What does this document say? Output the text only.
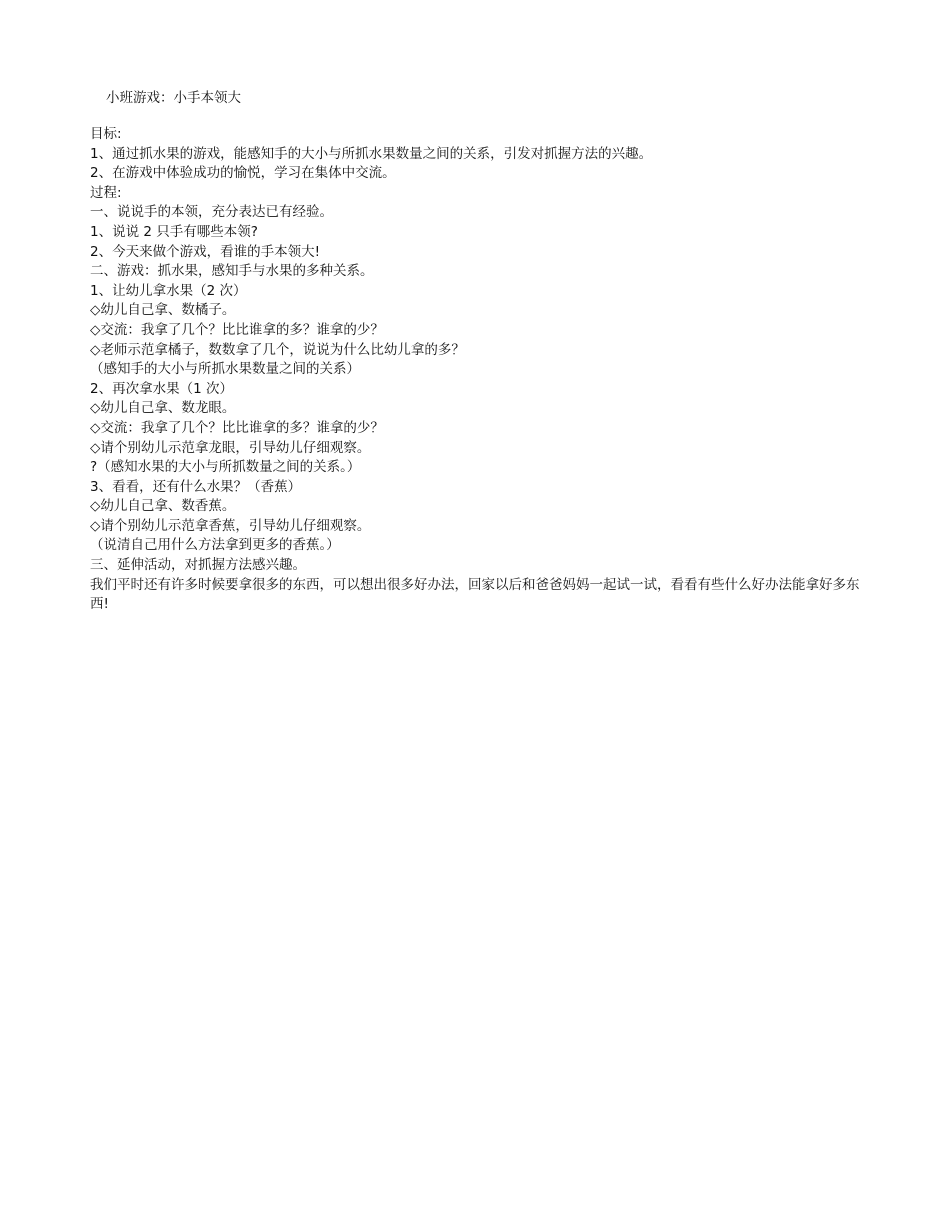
小班游戏：小手本领大
目标:
1、通过抓水果的游戏，能感知手的大小与所抓水果数量之间的关系，引发对抓握方法的兴趣。
2、在游戏中体验成功的愉悦，学习在集体中交流。
过程:
一、说说手的本领，充分表达已有经验。
1、说说 2 只手有哪些本领?
2、今天来做个游戏，看谁的手本领大!
二、游戏：抓水果，感知手与水果的多种关系。
1、让幼儿拿水果（2 次）
◇幼儿自己拿、数橘子。
◇交流：我拿了几个？比比谁拿的多？谁拿的少？
◇老师示范拿橘子，数数拿了几个，说说为什么比幼儿拿的多？
（感知手的大小与所抓水果数量之间的关系）
2、再次拿水果（1 次）
◇幼儿自己拿、数龙眼。
◇交流：我拿了几个？比比谁拿的多？谁拿的少？
◇请个别幼儿示范拿龙眼，引导幼儿仔细观察。
?（感知水果的大小与所抓数量之间的关系。）
3、看看，还有什么水果？（香蕉）
◇幼儿自己拿、数香蕉。
◇请个别幼儿示范拿香蕉，引导幼儿仔细观察。
（说清自己用什么方法拿到更多的香蕉。）
三、延伸活动，对抓握方法感兴趣。
我们平时还有许多时候要拿很多的东西，可以想出很多好办法，回家以后和爸爸妈妈一起试一试，看看有些什么好办法能拿好多东西!
